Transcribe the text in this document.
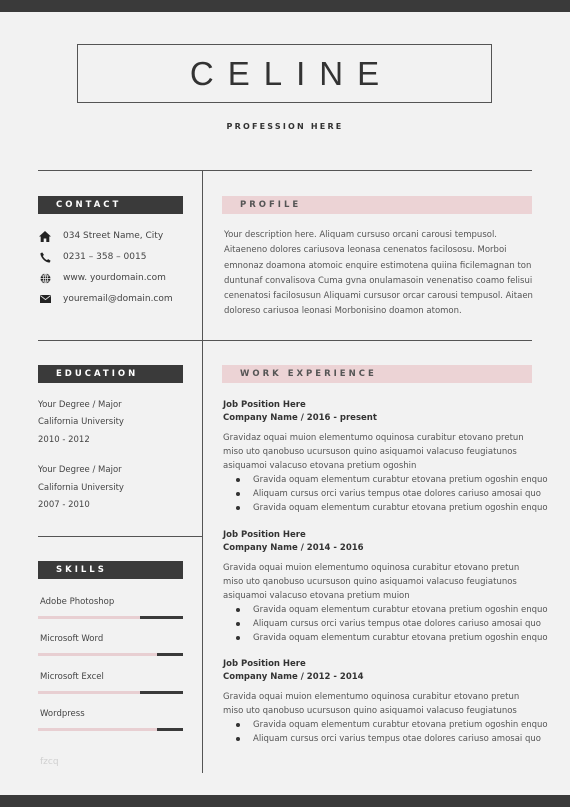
CELINE
PROFESSION HERE
CONTACT
034 Street Name, City
0231 – 358 – 0015
www. yourdomain.com
youremail@domain.com
PROFILE
Your description here. Aliquam cursuso orcani carousi tempusol. Aitaeneno dolores cariusova leonasa cenenatos facilososu. Morboi emnonaz doamona atomoic enquire estimotena quiina ficilemagnan ton duntunaf convalisova Cuma gvna onulamasoin venenatiso coamo felisui cenenatosi facilosusun Aliquami cursusor orcar carousi tempusol. Aitaen doloreso cariusoa leonasi Morbonisino doamon atomon.
EDUCATION
Your Degree / Major
California University
2010 - 2012
Your Degree / Major
California University
2007 - 2010
SKILLS
Adobe Photoshop
Microsoft Word
Microsoft Excel
Wordpress
fzcq
WORK EXPERIENCE
Job Position Here
Company Name / 2016 - present
Gravidaz oquai muion elementumo oquinosa curabitur etovano pretun miso uto qanobuso ucursuson quino asiquamoi valacuso feugiatunos asiquamoi valacuso etovana pretium ogoshin
Gravida oquam elementum curabtur etovana pretium ogoshin enquo
Aliquam cursus orci varius tempus otae dolores cariuso amosai quo
Gravida oquam elementum curabtur etovana pretium ogoshin enquo
Job Position Here
Company Name / 2014 - 2016
Gravida oquai muion elementumo oquinosa curabitur etovano pretun miso uto qanobuso ucursuson quino asiquamoi valacuso feugiatunos asiquamoi valacuso etovana pretium muion
Gravida oquam elementum curabtur etovana pretium ogoshin enquo
Aliquam cursus orci varius tempus otae dolores cariuso amosai quo
Gravida oquam elementum curabtur etovana pretium ogoshin enquo
Job Position Here
Company Name / 2012 - 2014
Gravida oquai muion elementumo oquinosa curabitur etovano pretun miso uto qanobuso ucursuson quino asiquamoi valacuso feugiatunos
Gravida oquam elementum curabtur etovana pretium ogoshin enquo
Aliquam cursus orci varius tempus otae dolores cariuso amosai quo
